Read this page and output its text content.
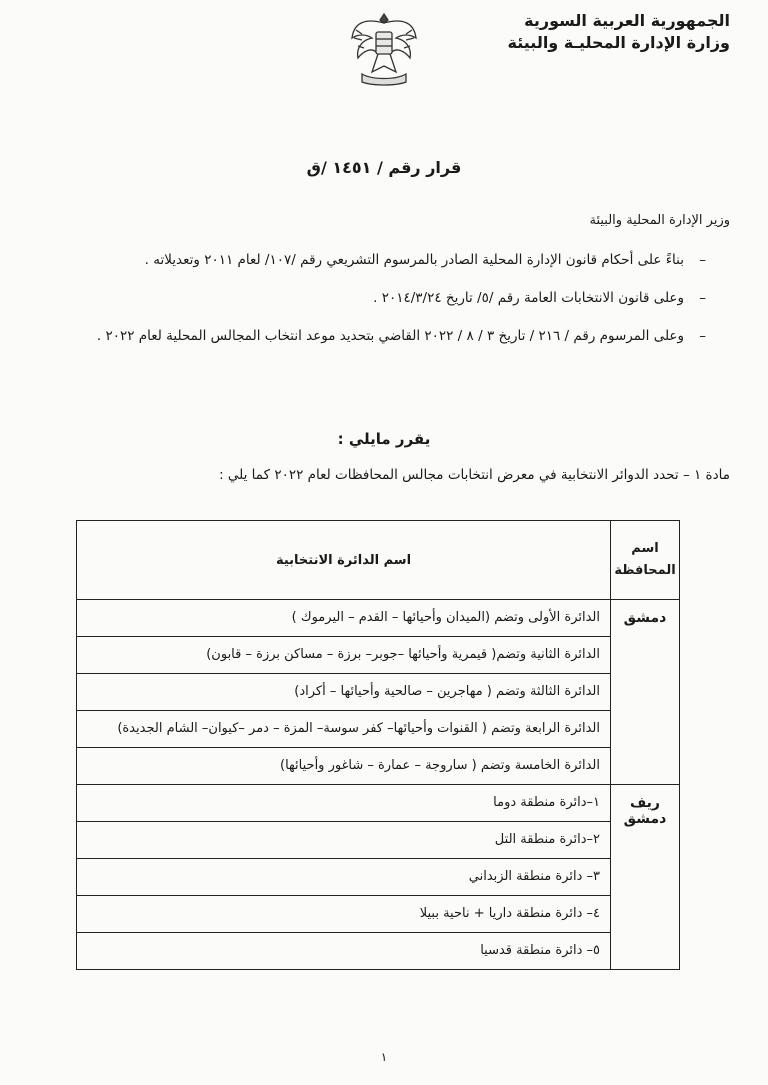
الجمهورية العربية السورية
وزارة الإدارة المحليـة والبيئة
قرار رقم / ١٤٥١ /ق
وزير الإدارة المحلية والبيئة
–
بناءً على أحكام قانون الإدارة المحلية الصادر بالمرسوم التشريعي رقم /١٠٧/ لعام ٢٠١١ وتعديلاته .
–
وعلى قانون الانتخابات العامة رقم /٥/ تاريخ ٢٠١٤/٣/٢٤ .
–
وعلى المرسوم رقم / ٢١٦ / تاريخ ٣ / ٨ / ٢٠٢٢ القاضي بتحديد موعد انتخاب المجالس المحلية لعام ٢٠٢٢ .
يقرر مايلي :
مادة ١ – تحدد الدوائر الانتخابية في معرض انتخابات مجالس المحافظات لعام ٢٠٢٢ كما يلي :
اسم المحافظة	اسم الدائرة الانتخابية
دمشق	الدائرة الأولى وتضم (الميدان وأحيائها – القدم – اليرموك )
	الدائرة الثانية وتضم( قيمرية وأحيائها –جوبر– برزة – مساكن برزة – قابون)
	الدائرة الثالثة وتضم ( مهاجرين – صالحية وأحيائها – أكراد)
	الدائرة الرابعة وتضم ( القنوات وأحيائها– كفر سوسة– المزة – دمر –كيوان– الشام الجديدة)
	الدائرة الخامسة وتضم ( ساروجة – عمارة – شاغور وأحيائها)
ريف دمشق	١–دائرة منطقة دوما
	٢–دائرة منطقة التل
	٣– دائرة منطقة الزبداني
	٤– دائرة منطقة داريا + ناحية ببيلا
	٥– دائرة منطقة قدسيا
١
